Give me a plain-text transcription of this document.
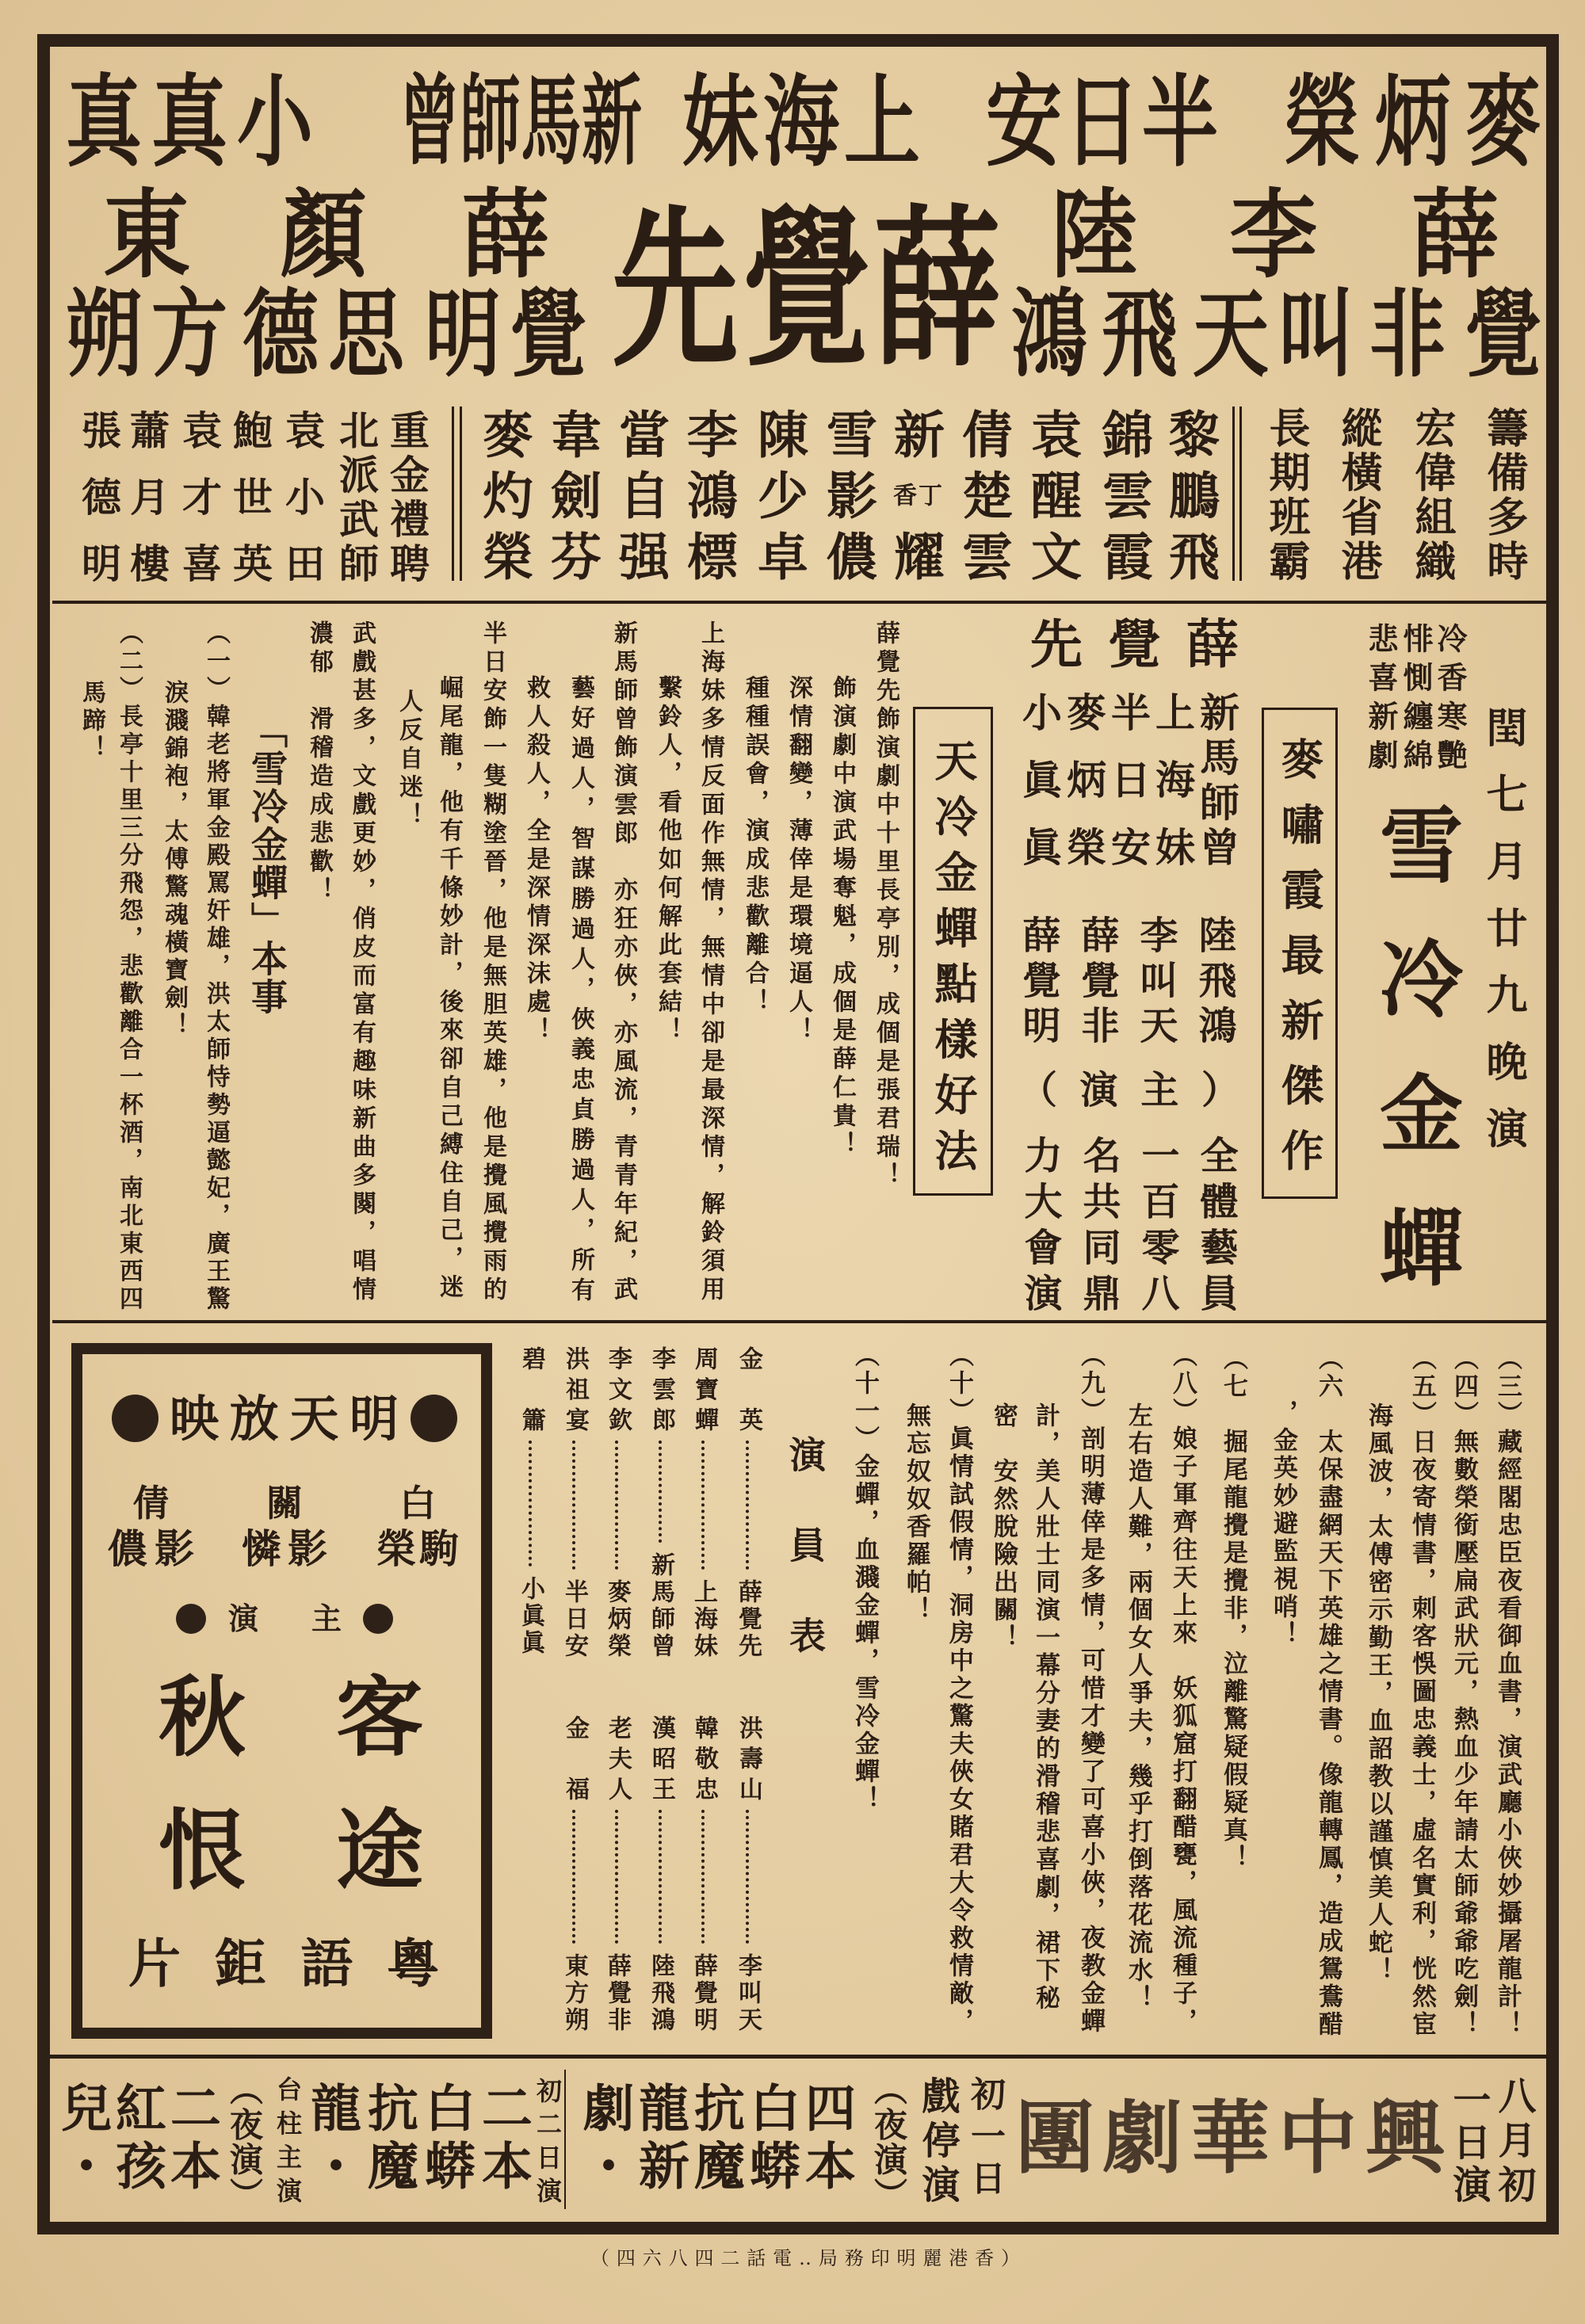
麥炳榮
半日安
上海妹
新馬師曾
小真真
薛
覺非
李
叫天
陸
飛鴻
薛覺先
薛
覺明
顏
思德
東
方朔
籌備多時
宏偉組織
縱橫省港
長期班霸
黎鵬飛
錦雲霞
袁醒文
倩楚雲
新
丁香
耀
雪影儂
陳少卓
李鴻標
當自强
韋劍芬
麥灼榮
重金禮聘
北派武師
袁小田
鮑世英
袁才喜
蕭月樓
張德明
閏七月廿九晚演
冷香寒艷
悱惻纏綿
悲喜新劇
雪冷金蟬
麥嘯霞最新傑作
薛覺先
新馬師曾
上海妹
半日安
麥炳榮
小眞眞
陸飛鴻
李叫天
薛覺非
薛覺明
（主演）
全體藝員
一百零八
名共同鼎
力大會演
天冷金蟬點樣好法
薛覺先飾演劇中十里長亭別，成個是張君瑞！
飾演劇中演武場奪魁，成個是薛仁貴！
深情翻變，薄倖是環境逼人！
種種誤會，演成悲歡離合！
上海妹多情反面作無情，無情中卻是最深情，解鈴須用
繫鈴人，看他如何解此套結！
新馬師曾飾演雲郎　亦狂亦俠，亦風流，青青年紀，武
藝好過人，智謀勝過人，俠義忠貞勝過人，所有
救人殺人，全是深情深沫處！
半日安飾一隻糊塗晉，他是無胆英雄，他是攪風攪雨的
崛尾龍，他有千條妙計，後來卻自己縛住自己，迷
人反自迷！
武戲甚多，文戲更妙，俏皮而富有趣味新曲多闋，唱情
濃郁　滑稽造成悲歡！
「雪冷金蟬」本事
（一）韓老將軍金殿罵奸雄，洪太師恃勢逼懿妃，廣王驚
淚濺錦袍，太傅驚魂橫寶劍！
（二）長亭十里三分飛怨，悲歡離合一杯酒，南北東西四
馬蹄！
（三）藏經閣忠臣夜看御血書，演武廳小俠妙攝屠龍計！
（四）無數榮銜壓扁武狀元，熱血少年請太師爺爺吃劍！
（五）日夜寄情書，刺客悞圖忠義士，虛名實利，恍然宦
海風波，太傅密示勤王，血詔教以謹慎美人蛇！
（六　太保盡網天下英雄之情書。像龍轉鳳，造成鴛鴦醋
，金英妙避監視哨！
（七　掘尾龍攪是攪非，泣離驚疑假疑真！
（八）娘子軍齊往天上來　妖狐窟打翻醋甕，風流種子，
左右造人難，兩個女人爭夫，幾乎打倒落花流水！
（九）剖明薄倖是多情，可惜才變了可喜小俠，夜教金蟬
計，美人壯士同演一幕分妻的滑稽悲喜劇，裙下秘
密　安然脫險出關！
（十）眞情試假情，洞房中之驚夫俠女賭君大令救情敵，
無忘奴奴香羅帕！
（十一）金蟬，血濺金蟬，雪冷金蟬！
演員表
金英
薛覺先
洪壽山
李叫天
周寶蟬
上海妹
韓敬忠
薛覺明
李雲郎
新馬師曾
漢昭王
陸飛鴻
李文欽
麥炳榮
老夫人
薛覺非
洪祖宴
半日安
金福
東方朔
碧簫
小眞眞
明天放映
白
駒榮
關
影憐
倩
影儂
主演
客途
秋恨
粵語鉅片
八月初
一日演
興中華劇團
初一日
戲停演
（夜演）
四本白蟒抗魔龍新劇・
初二日演
二本白蟒抗魔龍・
台柱主演
（夜演）
二本紅孩兒・
（香港麗明印務局‥電話二四八六四）
